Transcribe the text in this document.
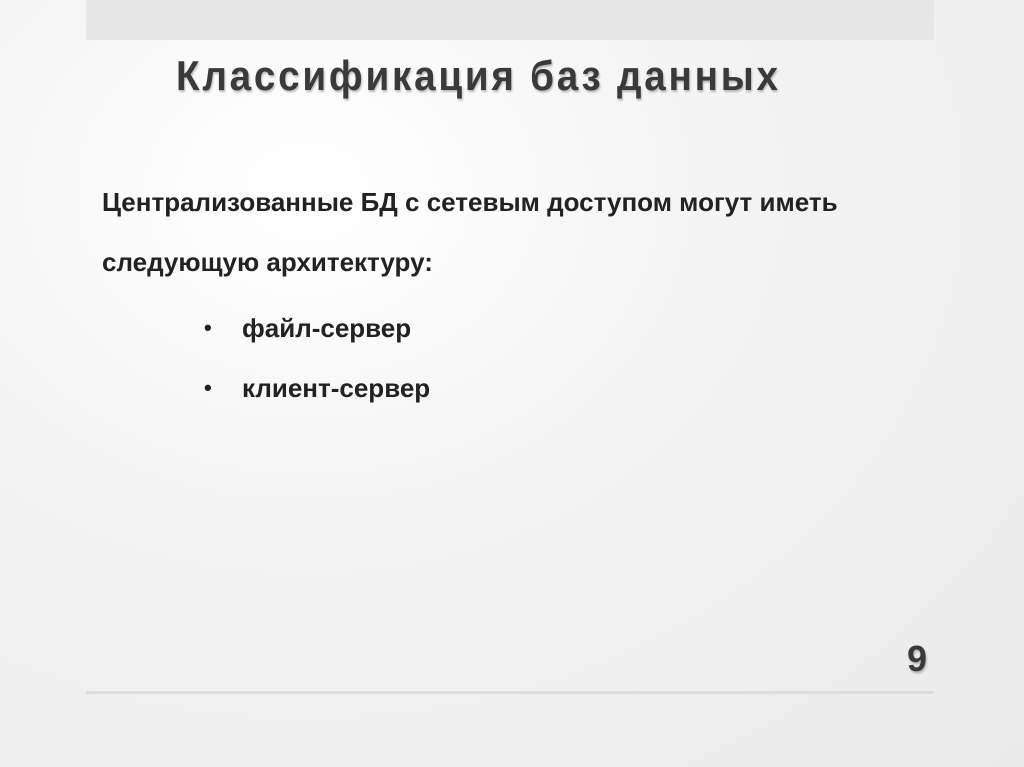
Классификация баз данных

Централизованные БД с сетевым доступом могут иметь

следующую архитектуру:

•	файл-сервер
•	клиент-сервер
9
